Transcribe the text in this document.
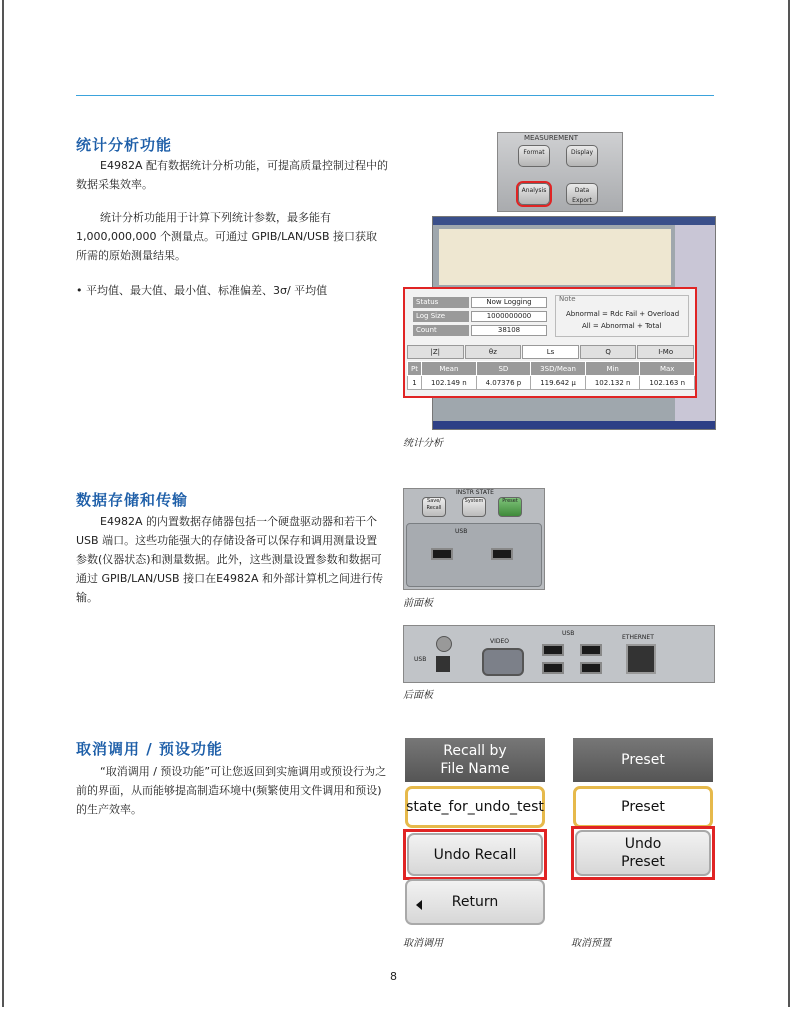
统计分析功能
E4982A 配有数据统计分析功能，可提高质量控制过程中的数据采集效率。
统计分析功能用于计算下列统计参数，最多能有 1,000,000,000 个测量点。可通过 GPIB/LAN/USB 接口获取所需的原始测量结果。
• 平均值、最大值、最小值、标准偏差、3σ/ 平均值
MEASUREMENT
Format	Display
Analysis	Data Export
Status	Now Logging
Log Size	1000000000
Count	38108
Note
Abnormal = Rdc Fail + Overload
All = Abnormal + Total
|Z|	θz	Ls	Q	I-Mo
Pt	Mean	SD	3SD/Mean	Min	Max
1	102.149 n	4.07376 p	119.642 μ	102.132 n	102.163 n
统计分析
数据存储和传输
E4982A 的内置数据存储器包括一个硬盘驱动器和若干个USB 端口。这些功能强大的存储设备可以保存和调用测量设置参数(仪器状态)和测量数据。此外，这些测量设置参数和数据可通过 GPIB/LAN/USB 接口在E4982A 和外部计算机之间进行传输。
INSTR STATE
Save/ Recall
System	Preset
USB
前面板
USB
VIDEO
USB
ETHERNET
后面板
取消调用 / 预设功能
“取消调用 / 预设功能”可让您返回到实施调用或预设行为之前的界面，从而能够提高制造环境中(频繁使用文件调用和预设)的生产效率。
Recall by File Name
state_for_undo_test
Undo Recall
Return
取消调用
Preset
Preset
Undo Preset
取消预置
8
